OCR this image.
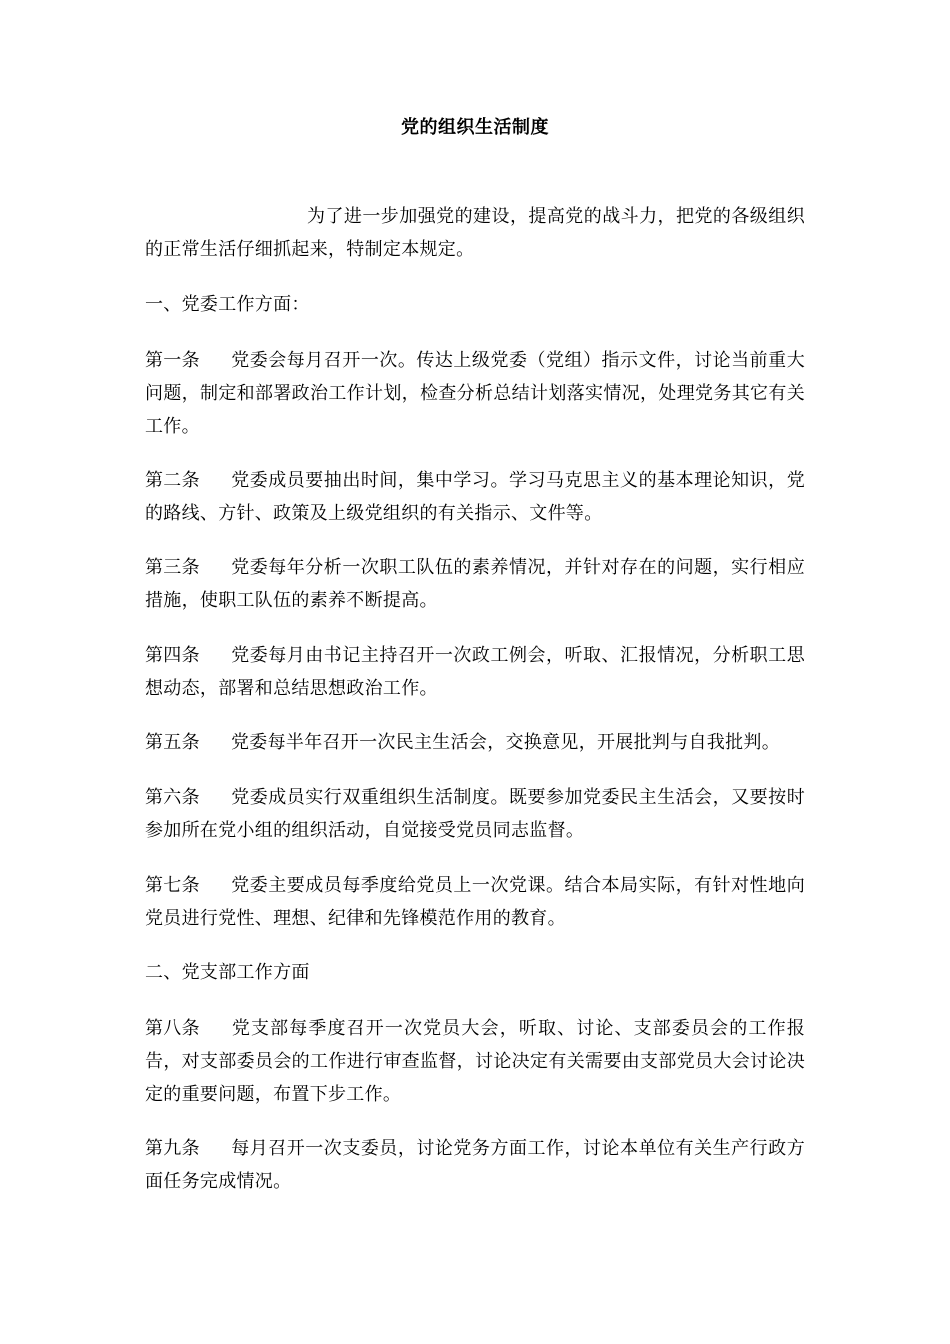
党的组织生活制度
为了进一步加强党的建设，提高党的战斗力，把党的各级组织的正常生活仔细抓起来，特制定本规定。
一、党委工作方面：
第一条 党委会每月召开一次。传达上级党委（党组）指示文件，讨论当前重大问题，制定和部署政治工作计划，检查分析总结计划落实情况，处理党务其它有关工作。
第二条 党委成员要抽出时间，集中学习。学习马克思主义的基本理论知识，党的路线、方针、政策及上级党组织的有关指示、文件等。
第三条 党委每年分析一次职工队伍的素养情况，并针对存在的问题，实行相应措施，使职工队伍的素养不断提高。
第四条 党委每月由书记主持召开一次政工例会，听取、汇报情况，分析职工思想动态，部署和总结思想政治工作。
第五条 党委每半年召开一次民主生活会，交换意见，开展批判与自我批判。
第六条 党委成员实行双重组织生活制度。既要参加党委民主生活会，又要按时参加所在党小组的组织活动，自觉接受党员同志监督。
第七条 党委主要成员每季度给党员上一次党课。结合本局实际，有针对性地向党员进行党性、理想、纪律和先锋模范作用的教育。
二、党支部工作方面
第八条 党支部每季度召开一次党员大会，听取、讨论、支部委员会的工作报告，对支部委员会的工作进行审查监督，讨论决定有关需要由支部党员大会讨论决定的重要问题，布置下步工作。
第九条 每月召开一次支委员，讨论党务方面工作，讨论本单位有关生产行政方面任务完成情况。
